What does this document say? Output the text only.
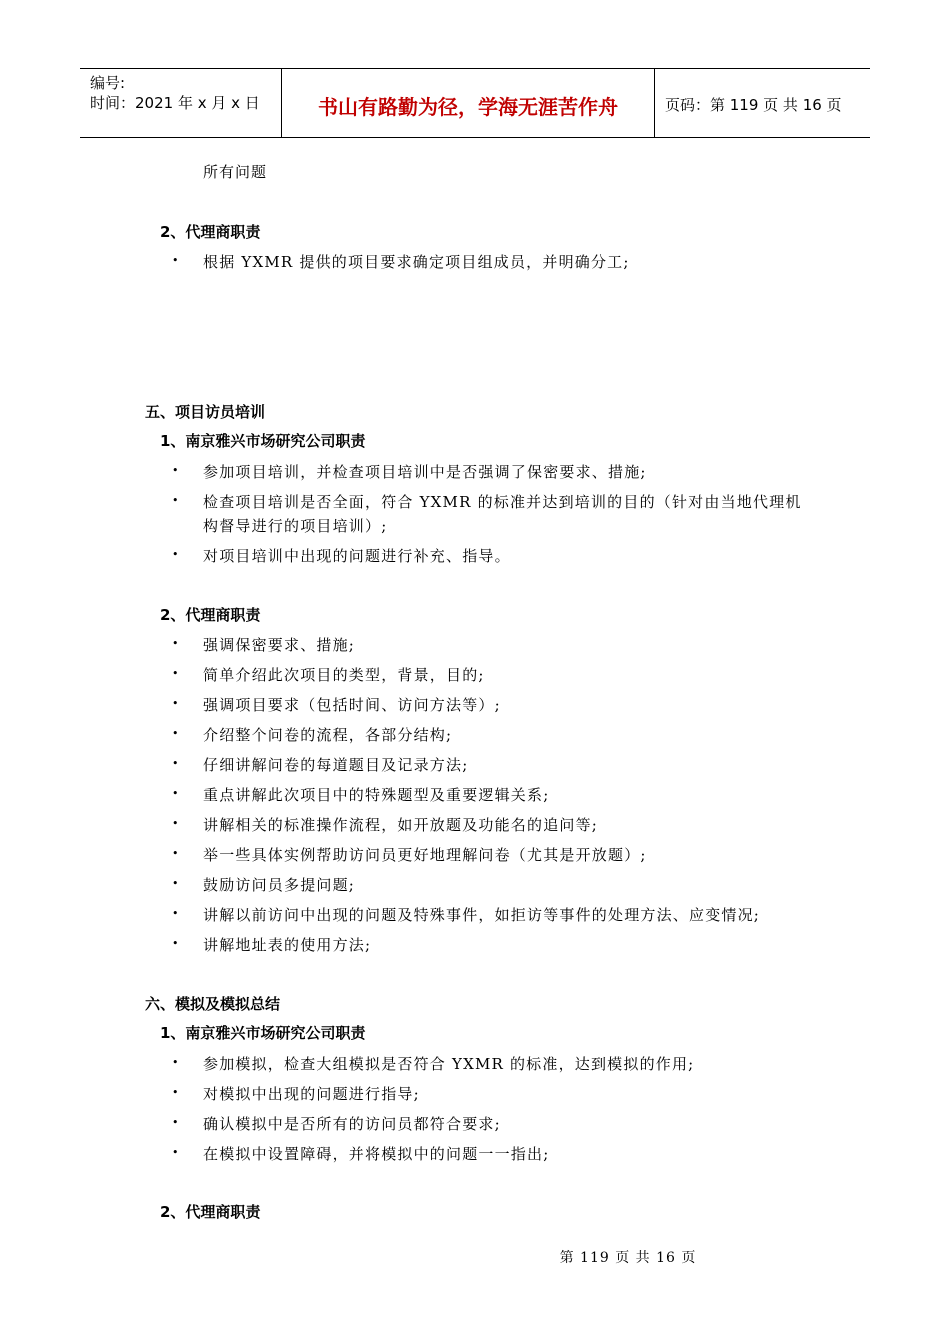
编号:
时间：2021 年 x 月 x 日	书山有路勤为径，学海无涯苦作舟	页码：第 119 页 共 16 页
所有问题
2、代理商职责
• 根据 YXMR 提供的项目要求确定项目组成员，并明确分工;
五、项目访员培训
1、南京雅兴市场研究公司职责
• 参加项目培训，并检查项目培训中是否强调了保密要求、措施;
• 检查项目培训是否全面，符合 YXMR 的标准并达到培训的目的（针对由当地代理机
构督导进行的项目培训）;
• 对项目培训中出现的问题进行补充、指导。
2、代理商职责
• 强调保密要求、措施;
• 简单介绍此次项目的类型，背景，目的;
• 强调项目要求（包括时间、访问方法等）;
• 介绍整个问卷的流程，各部分结构;
• 仔细讲解问卷的每道题目及记录方法;
• 重点讲解此次项目中的特殊题型及重要逻辑关系;
• 讲解相关的标准操作流程，如开放题及功能名的追问等;
• 举一些具体实例帮助访问员更好地理解问卷（尤其是开放题）;
• 鼓励访问员多提问题;
• 讲解以前访问中出现的问题及特殊事件，如拒访等事件的处理方法、应变情况;
• 讲解地址表的使用方法;
六、模拟及模拟总结
1、南京雅兴市场研究公司职责
• 参加模拟，检查大组模拟是否符合 YXMR 的标准，达到模拟的作用;
• 对模拟中出现的问题进行指导;
• 确认模拟中是否所有的访问员都符合要求;
• 在模拟中设置障碍，并将模拟中的问题一一指出;
2、代理商职责
第 119 页 共 16 页
